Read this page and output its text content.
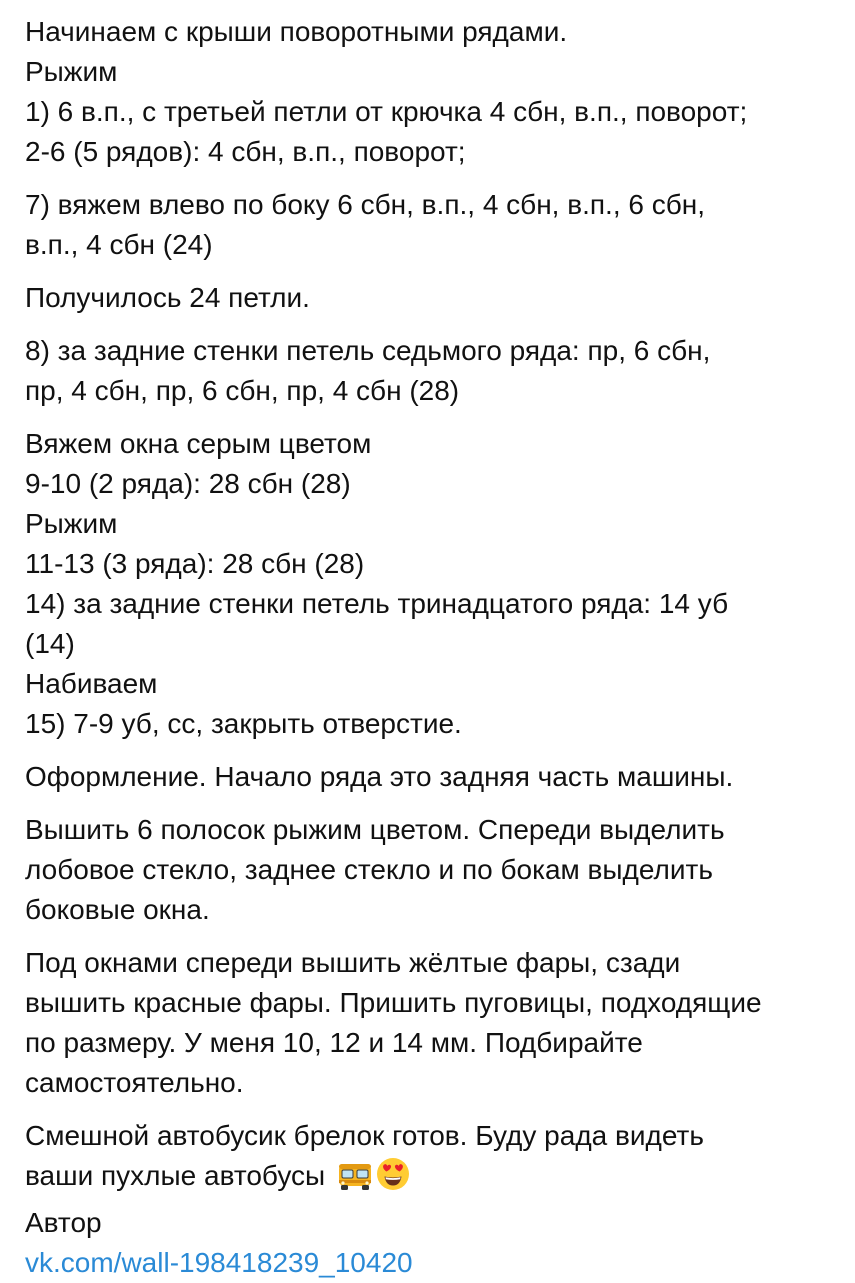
Начинаем с крыши поворотными рядами.
Рыжим
1) 6 в.п., с третьей петли от крючка 4 сбн, в.п., поворот;
2-6 (5 рядов): 4 сбн, в.п., поворот;
7) вяжем влево по боку 6 сбн, в.п., 4 сбн, в.п., 6 сбн,
в.п., 4 сбн (24)
Получилось 24 петли.
8) за задние стенки петель седьмого ряда: пр, 6 сбн,
пр, 4 сбн, пр, 6 сбн, пр, 4 сбн (28)
Вяжем окна серым цветом
9-10 (2 ряда): 28 сбн (28)
Рыжим
11-13 (3 ряда): 28 сбн (28)
14) за задние стенки петель тринадцатого ряда: 14 уб
(14)
Набиваем
15) 7-9 уб, сс, закрыть отверстие.
Оформление. Начало ряда это задняя часть машины.
Вышить 6 полосок рыжим цветом. Спереди выделить
лобовое стекло, заднее стекло и по бокам выделить
боковые окна.
Под окнами спереди вышить жёлтые фары, сзади
вышить красные фары. Пришить пуговицы, подходящие
по размеру. У меня 10, 12 и 14 мм. Подбирайте
самостоятельно.
Смешной автобусик брелок готов. Буду рада видеть
ваши пухлые автобусы
Автор
vk.com/wall-198418239_10420
